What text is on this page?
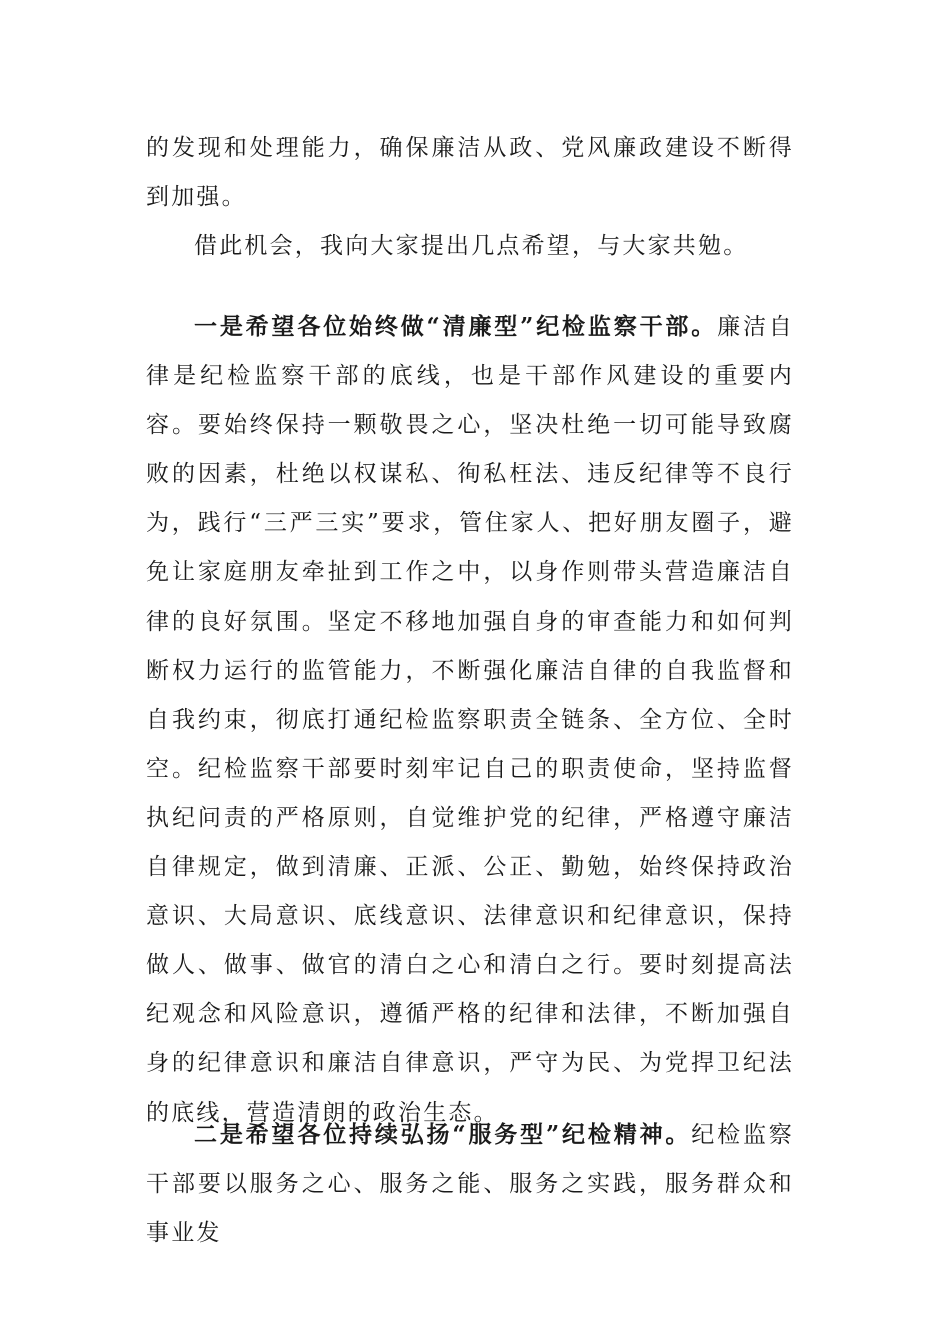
的发现和处理能力，确保廉洁从政、党风廉政建设不断得到加强。

借此机会，我向大家提出几点希望，与大家共勉。

一是希望各位始终做“清廉型”纪检监察干部。廉洁自律是纪检监察干部的底线，也是干部作风建设的重要内容。要始终保持一颗敬畏之心，坚决杜绝一切可能导致腐败的因素，杜绝以权谋私、徇私枉法、违反纪律等不良行为，践行“三严三实”要求，管住家人、把好朋友圈子，避免让家庭朋友牵扯到工作之中，以身作则带头营造廉洁自律的良好氛围。坚定不移地加强自身的审查能力和如何判断权力运行的监管能力，不断强化廉洁自律的自我监督和自我约束，彻底打通纪检监察职责全链条、全方位、全时空。纪检监察干部要时刻牢记自己的职责使命，坚持监督执纪问责的严格原则，自觉维护党的纪律，严格遵守廉洁自律规定，做到清廉、正派、公正、勤勉，始终保持政治意识、大局意识、底线意识、法律意识和纪律意识，保持做人、做事、做官的清白之心和清白之行。要时刻提高法纪观念和风险意识，遵循严格的纪律和法律，不断加强自身的纪律意识和廉洁自律意识，严守为民、为党捍卫纪法的底线，营造清朗的政治生态。

二是希望各位持续弘扬“服务型”纪检精神。纪检监察干部要以服务之心、服务之能、服务之实践，服务群众和事业发
